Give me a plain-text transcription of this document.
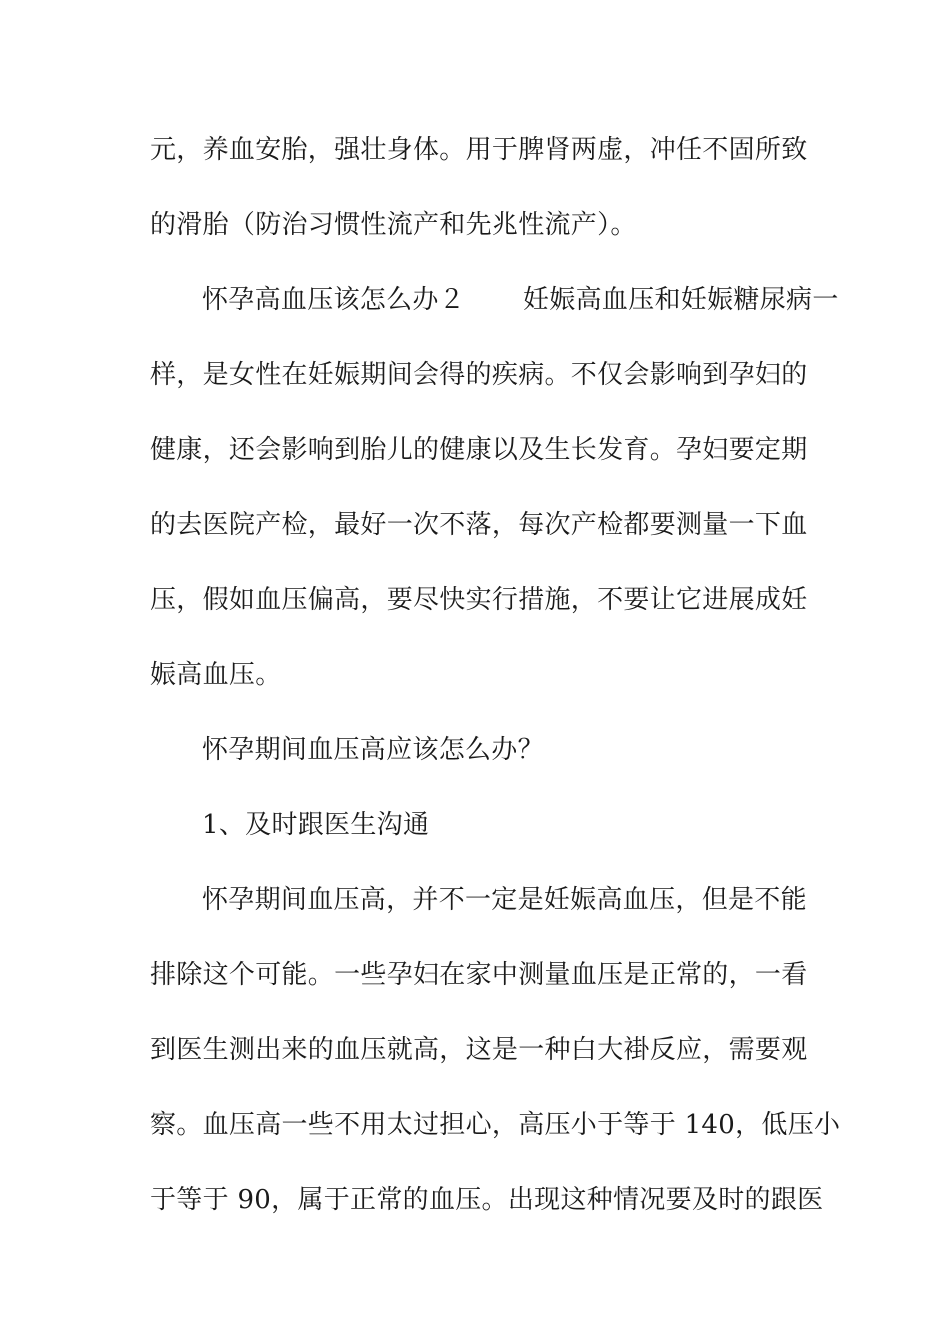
元，养血安胎，强壮身体。用于脾肾两虚，冲任不固所致
的滑胎（防治习惯性流产和先兆性流产）。
怀孕高血压该怎么办２ 妊娠高血压和妊娠糖尿病一
样，是女性在妊娠期间会得的疾病。不仅会影响到孕妇的
健康，还会影响到胎儿的健康以及生长发育。孕妇要定期
的去医院产检，最好一次不落，每次产检都要测量一下血
压，假如血压偏高，要尽快实行措施，不要让它进展成妊
娠高血压。
怀孕期间血压高应该怎么办？
1、及时跟医生沟通
怀孕期间血压高，并不一定是妊娠高血压，但是不能
排除这个可能。一些孕妇在家中测量血压是正常的，一看
到医生测出来的血压就高，这是一种白大褂反应，需要观
察。血压高一些不用太过担心，高压小于等于 140，低压小
于等于 90，属于正常的血压。出现这种情况要及时的跟医
